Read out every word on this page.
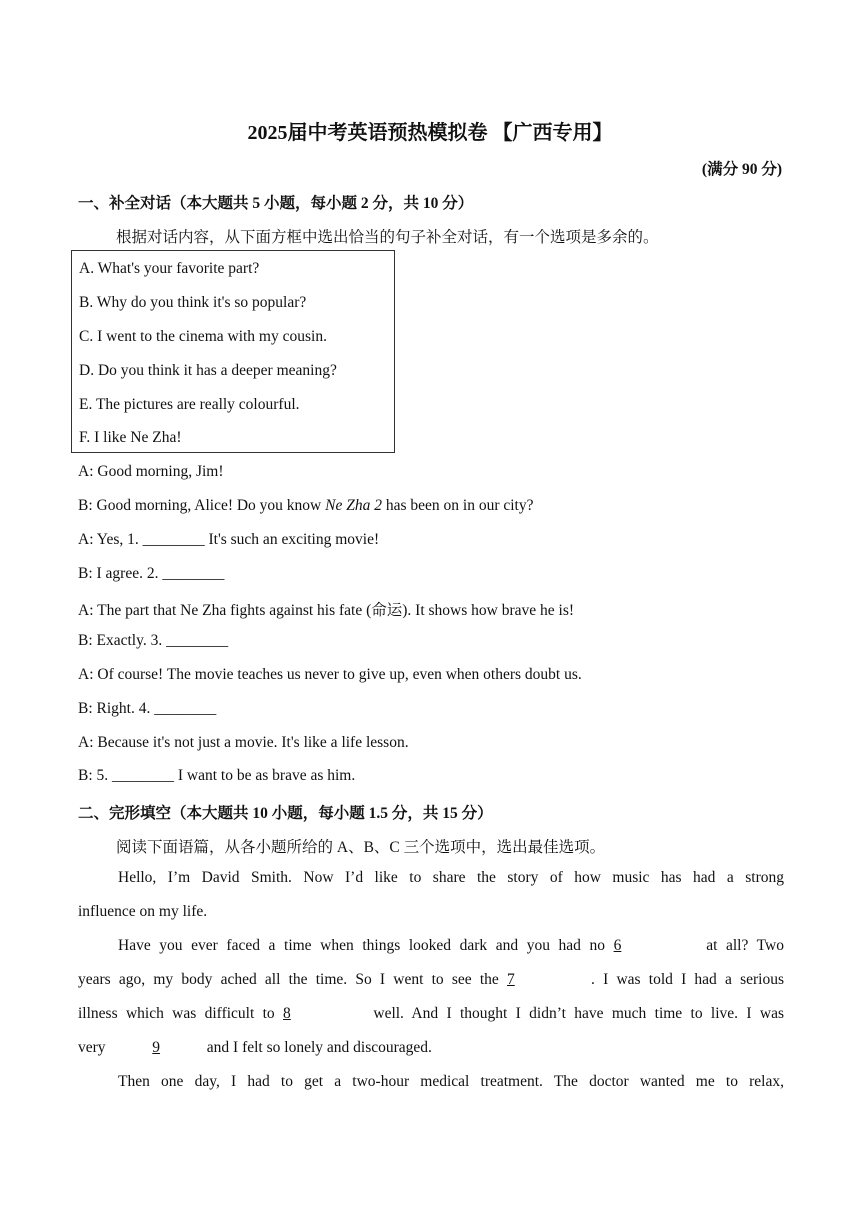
2025届中考英语预热模拟卷 【广西专用】
(满分 90 分)
一、补全对话（本大题共 5 小题，每小题 2 分，共 10 分）
根据对话内容，从下面方框中选出恰当的句子补全对话，有一个选项是多余的。
A. What's your favorite part?
B. Why do you think it's so popular?
C. I went to the cinema with my cousin.
D. Do you think it has a deeper meaning?
E. The pictures are really colourful.
F. I like Ne Zha!
A: Good morning, Jim!
B: Good morning, Alice! Do you know Ne Zha 2 has been on in our city?
A: Yes, 1. ________ It's such an exciting movie!
B: I agree. 2. ________
A: The part that Ne Zha fights against his fate (命运). It shows how brave he is!
B: Exactly. 3. ________
A: Of course! The movie teaches us never to give up, even when others doubt us.
B: Right. 4. ________
A: Because it's not just a movie. It's like a life lesson.
B: 5. ________ I want to be as brave as him.
二、完形填空（本大题共 10 小题，每小题 1.5 分，共 15 分）
阅读下面语篇，从各小题所给的 A、B、C 三个选项中，选出最佳选项。
Hello, I’m David Smith. Now I’d like to share the story of how music has had a strong
influence on my life.
Have you ever faced a time when things looked dark and you had no 6	at all? Two
years ago, my body ached all the time. So I went to see the 7	. I was told I had a serious
illness which was difficult to 8	well. And I thought I didn’t have much time to live. I was
very	9	and I felt so lonely and discouraged.
Then one day, I had to get a two-hour medical treatment. The doctor wanted me to relax,
